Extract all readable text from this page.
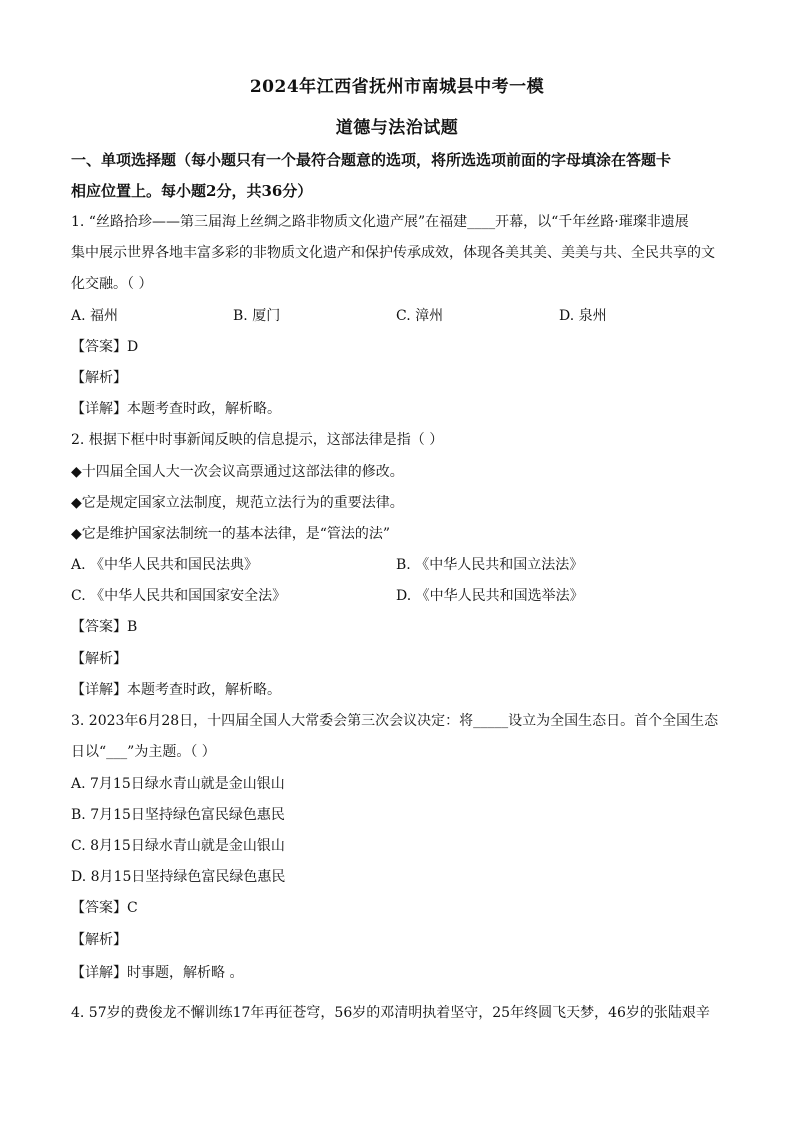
2024年江西省抚州市南城县中考一模
道德与法治试题
一、单项选择题（每小题只有一个最符合题意的选项，将所选选项前面的字母填涂在答题卡
相应位置上。每小题2分，共36分）
1. “丝路拾珍——第三届海上丝绸之路非物质文化遗产展”在福建____开幕，以“千年丝路·璀璨非遗展
集中展示世界各地丰富多彩的非物质文化遗产和保护传承成效，体现各美其美、美美与共、全民共享的文
化交融。（ ）
A. 福州	B. 厦门	C. 漳州	D. 泉州
【答案】D
【解析】
【详解】本题考查时政，解析略。
2. 根据下框中时事新闻反映的信息提示，这部法律是指（ ）
◆十四届全国人大一次会议高票通过这部法律的修改。
◆它是规定国家立法制度，规范立法行为的重要法律。
◆它是维护国家法制统一的基本法律，是“管法的法”
A. 《中华人民共和国民法典》	B. 《中华人民共和国立法法》
C. 《中华人民共和国国家安全法》	D. 《中华人民共和国选举法》
【答案】B
【解析】
【详解】本题考查时政，解析略。
3. 2023年6月28日，十四届全国人大常委会第三次会议决定：将_____设立为全国生态日。首个全国生态
日以“___”为主题。（ ）
A. 7月15日绿水青山就是金山银山
B. 7月15日坚持绿色富民绿色惠民
C. 8月15日绿水青山就是金山银山
D. 8月15日坚持绿色富民绿色惠民
【答案】C
【解析】
【详解】时事题，解析略 。
4. 57岁的费俊龙不懈训练17年再征苍穹，56岁的邓清明执着坚守，25年终圆飞天梦，46岁的张陆艰辛
